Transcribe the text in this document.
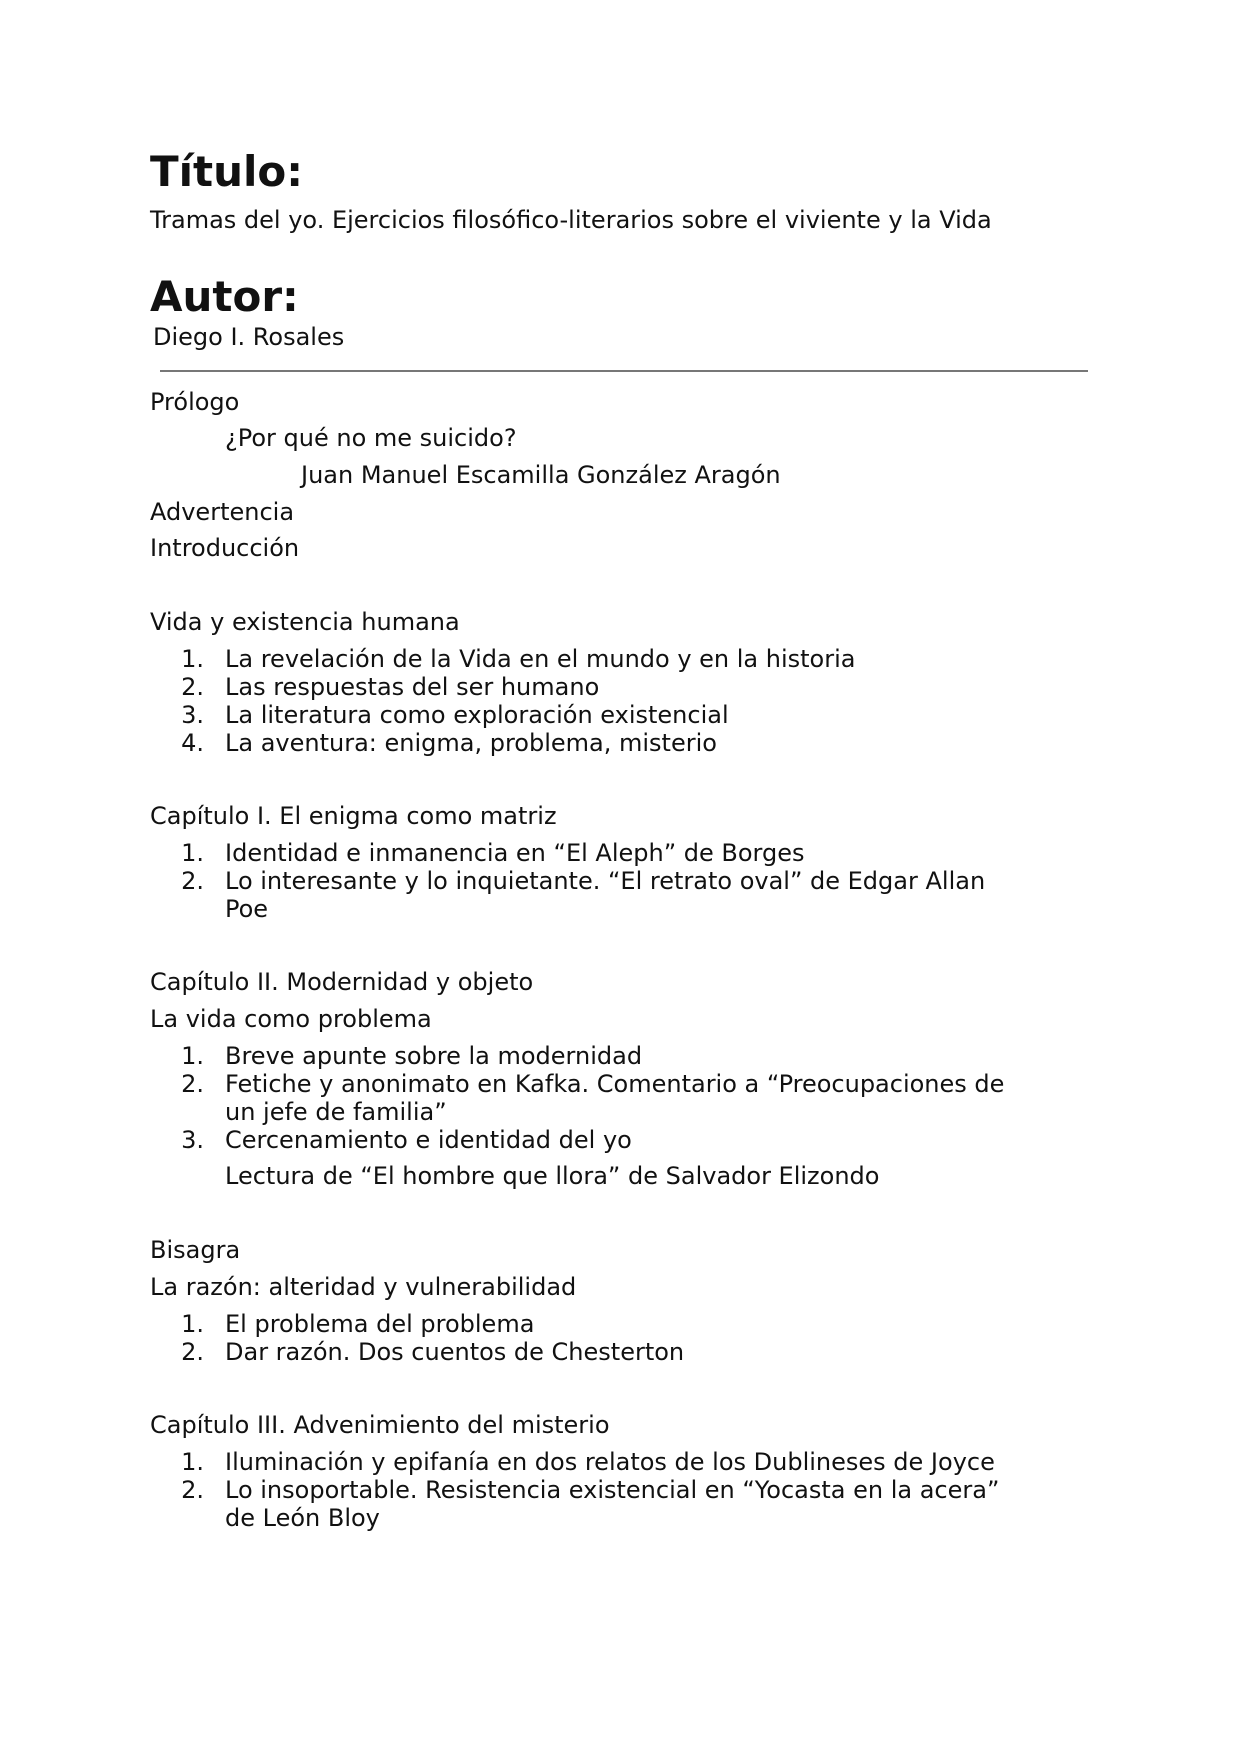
Título:
Tramas del yo. Ejercicios filosófico-literarios sobre el viviente y la Vida
Autor:
Diego I. Rosales
Prólogo
¿Por qué no me suicido?
Juan Manuel Escamilla González Aragón
Advertencia
Introducción
Vida y existencia humana
1. La revelación de la Vida en el mundo y en la historia
2. Las respuestas del ser humano
3. La literatura como exploración existencial
4. La aventura: enigma, problema, misterio
Capítulo I. El enigma como matriz
1. Identidad e inmanencia en “El Aleph” de Borges
2. Lo interesante y lo inquietante. “El retrato oval” de Edgar Allan
Poe
Capítulo II. Modernidad y objeto
La vida como problema
1. Breve apunte sobre la modernidad
2. Fetiche y anonimato en Kafka. Comentario a “Preocupaciones de
un jefe de familia”
3. Cercenamiento e identidad del yo
Lectura de “El hombre que llora” de Salvador Elizondo
Bisagra
La razón: alteridad y vulnerabilidad
1. El problema del problema
2. Dar razón. Dos cuentos de Chesterton
Capítulo III. Advenimiento del misterio
1. Iluminación y epifanía en dos relatos de los Dublineses de Joyce
2. Lo insoportable. Resistencia existencial en “Yocasta en la acera”
de León Bloy
